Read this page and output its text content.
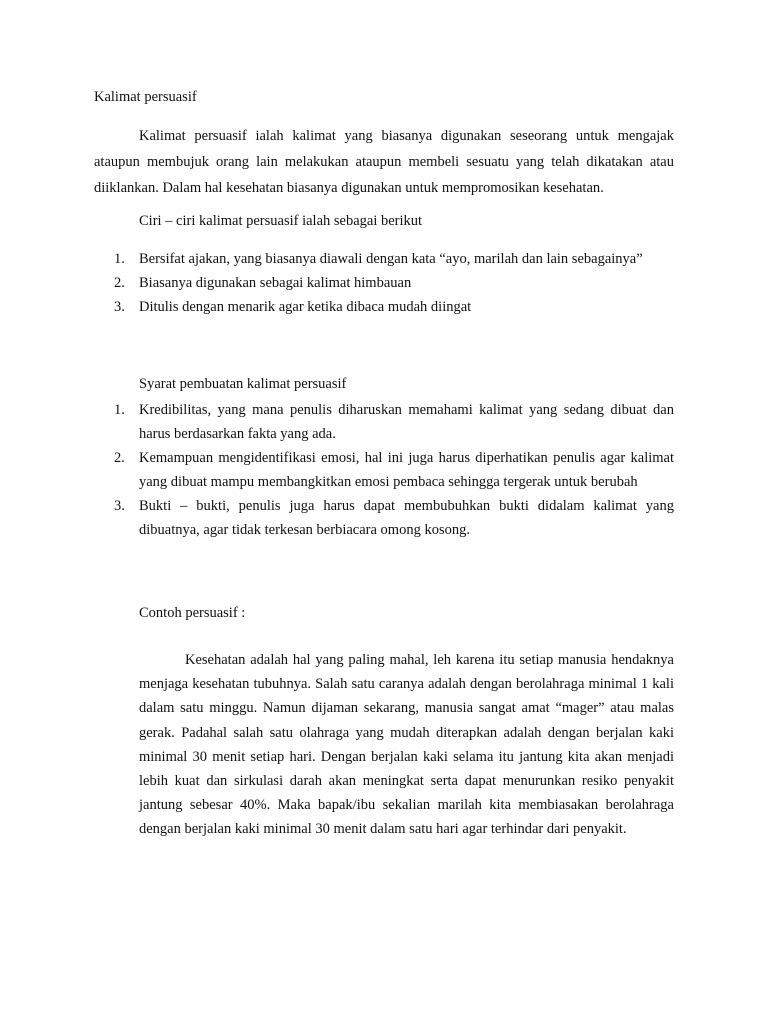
Kalimat persuasif

Kalimat persuasif ialah kalimat yang biasanya digunakan seseorang untuk mengajak ataupun membujuk orang lain melakukan ataupun membeli sesuatu yang telah dikatakan atau diiklankan. Dalam hal kesehatan biasanya digunakan untuk mempromosikan kesehatan.

Ciri – ciri kalimat persuasif ialah sebagai berikut
1. Bersifat ajakan, yang biasanya diawali dengan kata “ayo, marilah dan lain sebagainya”
2. Biasanya digunakan sebagai kalimat himbauan
3. Ditulis dengan menarik agar ketika dibaca mudah diingat
Syarat pembuatan kalimat persuasif
1. Kredibilitas, yang mana penulis diharuskan memahami kalimat yang sedang dibuat dan harus berdasarkan fakta yang ada.
2. Kemampuan mengidentifikasi emosi, hal ini juga harus diperhatikan penulis agar kalimat yang dibuat mampu membangkitkan emosi pembaca sehingga tergerak untuk berubah
3. Bukti – bukti, penulis juga harus dapat membubuhkan bukti didalam kalimat yang dibuatnya, agar tidak terkesan berbiacara omong kosong.
Contoh persuasif :

Kesehatan adalah hal yang paling mahal, leh karena itu setiap manusia hendaknya menjaga kesehatan tubuhnya. Salah satu caranya adalah dengan berolahraga minimal 1 kali dalam satu minggu. Namun dijaman sekarang, manusia sangat amat “mager” atau malas gerak. Padahal salah satu olahraga yang mudah diterapkan adalah dengan berjalan kaki minimal 30 menit setiap hari. Dengan berjalan kaki selama itu jantung kita akan menjadi lebih kuat dan sirkulasi darah akan meningkat serta dapat menurunkan resiko penyakit jantung sebesar 40%. Maka bapak/ibu sekalian marilah kita membiasakan berolahraga dengan berjalan kaki minimal 30 menit dalam satu hari agar terhindar dari penyakit.
